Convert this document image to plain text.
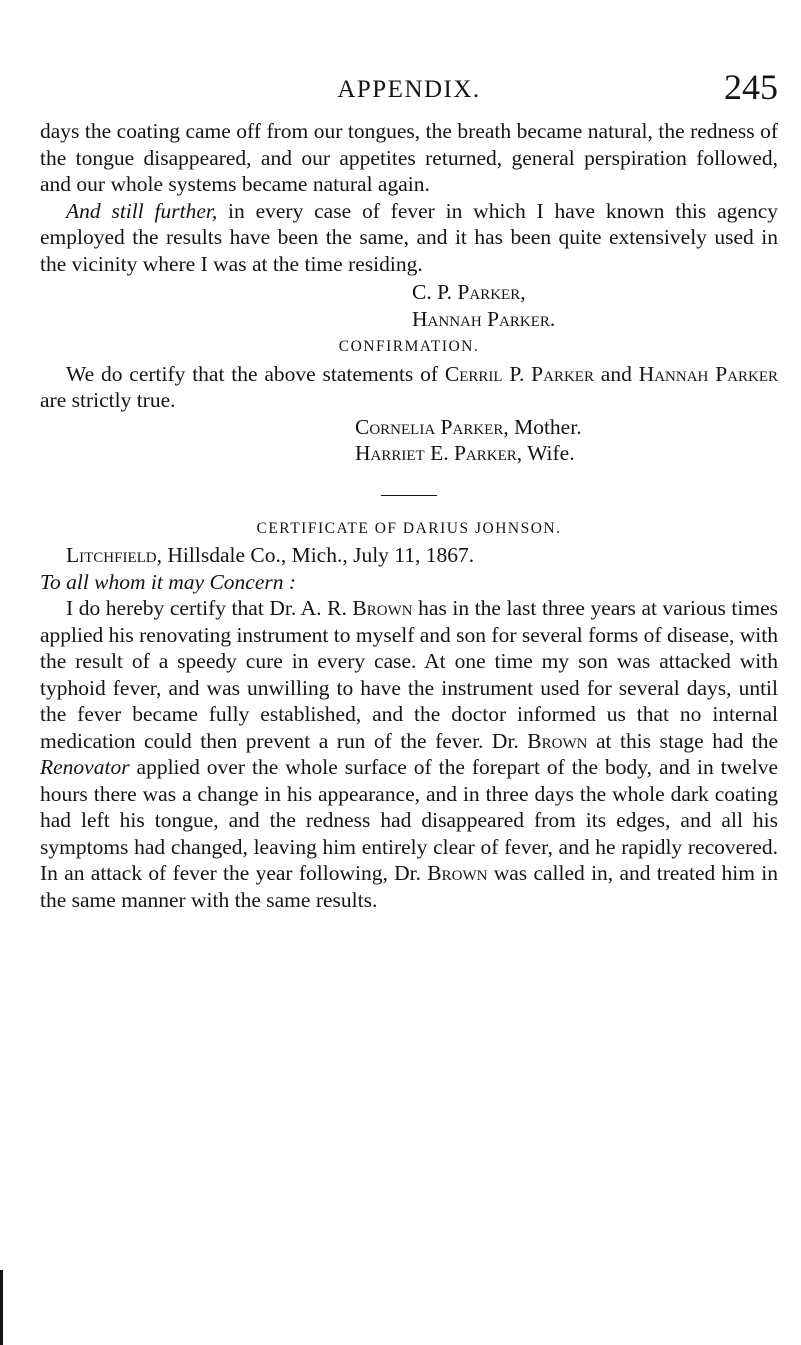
APPENDIX.	245

days the coating came off from our tongues, the breath became natural, the redness of the tongue disappeared, and our appetites returned, general perspiration followed, and our whole systems became natural again.

And still further, in every case of fever in which I have known this agency employed the results have been the same, and it has been quite extensively used in the vicinity where I was at the time residing.

C. P. Parker,

Hannah Parker.

CONFIRMATION.

We do certify that the above statements of Cerril P. Parker and Hannah Parker are strictly true.

Cornelia Parker, Mother.

Harriet E. Parker, Wife.

CERTIFICATE OF DARIUS JOHNSON.

Litchfield, Hillsdale Co., Mich., July 11, 1867.

To all whom it may Concern :

I do hereby certify that Dr. A. R. Brown has in the last three years at various times applied his renovating instrument to myself and son for several forms of disease, with the result of a speedy cure in every case. At one time my son was attacked with typhoid fever, and was unwilling to have the instrument used for several days, until the fever became fully established, and the doctor informed us that no internal medication could then prevent a run of the fever. Dr. Brown at this stage had the Renovator applied over the whole surface of the forepart of the body, and in twelve hours there was a change in his appearance, and in three days the whole dark coating had left his tongue, and the redness had disappeared from its edges, and all his symptoms had changed, leaving him entirely clear of fever, and he rapidly recovered. In an attack of fever the year following, Dr. Brown was called in, and treated him in the same manner with the same results.
